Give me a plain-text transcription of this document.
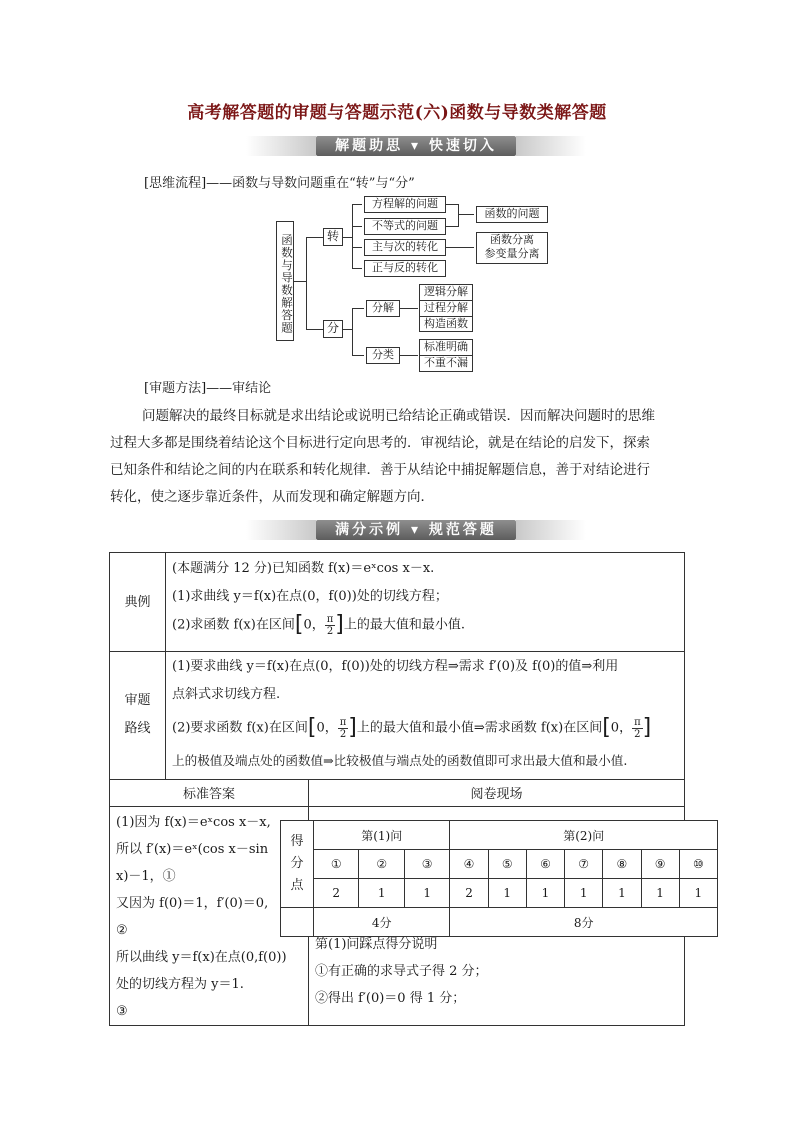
高考解答题的审题与答题示范(六)函数与导数类解答题
解题助思 ▾ 快速切入
[思维流程]——函数与导数问题重在“转”与“分”
函数与导数解答题	转
方程解的问题
不等式的问题
主与次的转化
正与反的转化
函数的问题
函数分离
参变量分离
分
分解
逻辑分解
过程分解
构造函数
分类
标准明确
不重不漏
[审题方法]——审结论
问题解决的最终目标就是求出结论或说明已给结论正确或错误．因而解决问题时的思维
过程大多都是围绕着结论这个目标进行定向思考的．审视结论，就是在结论的启发下，探索
已知条件和结论之间的内在联系和转化规律．善于从结论中捕捉解题信息，善于对结论进行
转化，使之逐步靠近条件，从而发现和确定解题方向．
满分示例 ▾ 规范答题
典例
(本题满分 12 分)已知函数 f(x)＝eˣcos x－x.
(1)求曲线 y＝f(x)在点(0，f(0))处的切线方程；
(2)求函数 f(x)在区间[0， $\frac{\pi}{2}$ ]上的最大值和最小值.
审题
路线
(1)要求曲线 y＝f(x)在点(0，f(0))处的切线方程⇒需求 f′(0)及 f(0)的值⇒利用
点斜式求切线方程.
(2)要求函数 f(x)在区间[0， $\frac{\pi}{2}$ ]上的最大值和最小值⇒需求函数 f(x)在区间[0， $\frac{\pi}{2}$ ]
上的极值及端点处的函数值⇒比较极值与端点处的函数值即可求出最大值和最小值.
标准答案	阅卷现场
(1)因为 f(x)＝eˣcos x－x,
所以 f′(x)＝eˣ(cos x－sin
x)－1，①
又因为 f(0)＝1，f′(0)＝0,
②
所以曲线 y＝f(x)在点(0,f(0))
处的切线方程为 y＝1.
③
第(1)问踩点得分说明
①有正确的求导式子得 2 分；
②得出 f′(0)＝0 得 1 分；
得分点	第(1)问			第(2)问						
	①	②	③	④	⑤	⑥	⑦	⑧	⑨	⑩
	2	1	1	2	1	1	1	1	1	1
	4分			8分						
